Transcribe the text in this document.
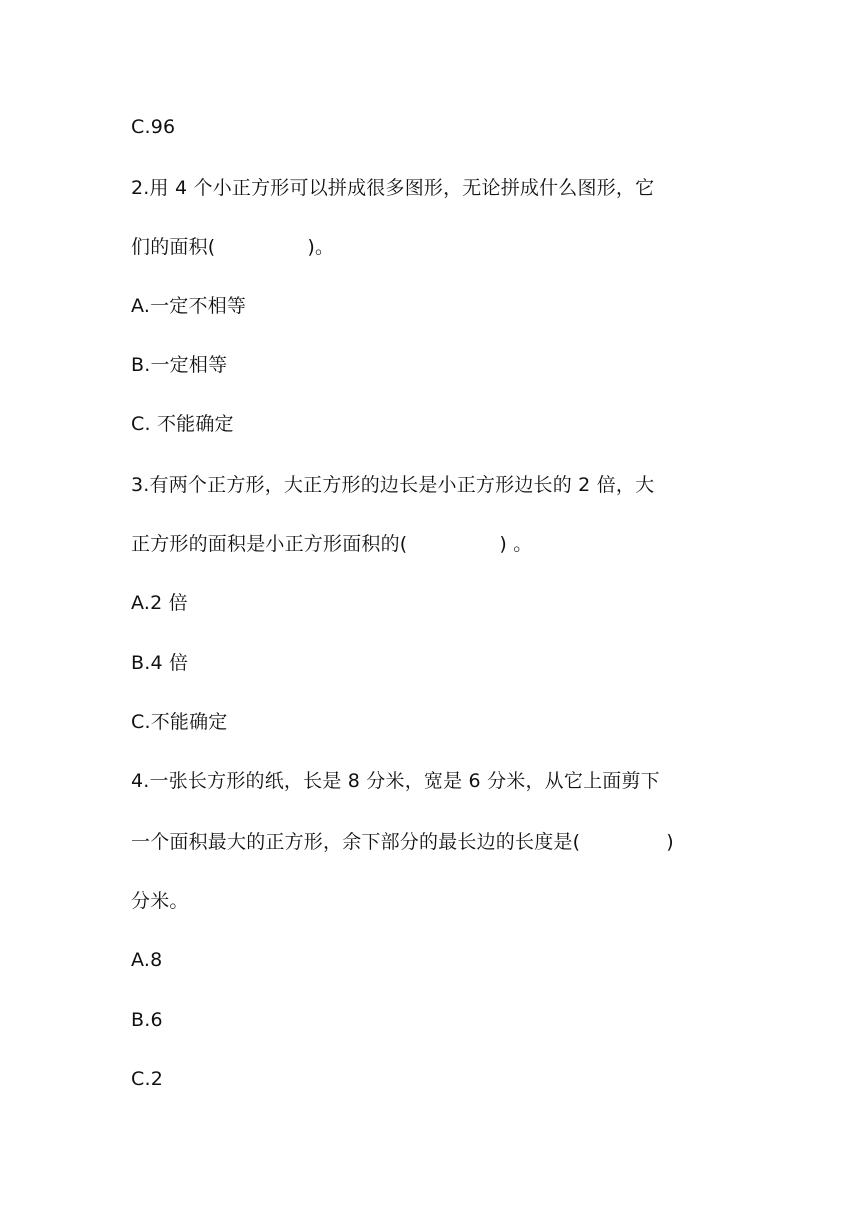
C.96
2.用 4 个小正方形可以拼成很多图形，无论拼成什么图形，它
们的面积(	)。
A.一定不相等
B.一定相等
C. 不能确定
3.有两个正方形，大正方形的边长是小正方形边长的 2 倍，大
正方形的面积是小正方形面积的(	) 。
A.2 倍
B.4 倍
C.不能确定
4.一张长方形的纸，长是 8 分米，宽是 6 分米，从它上面剪下
一个面积最大的正方形，余下部分的最长边的长度是(	)
分米。
A.8
B.6
C.2
